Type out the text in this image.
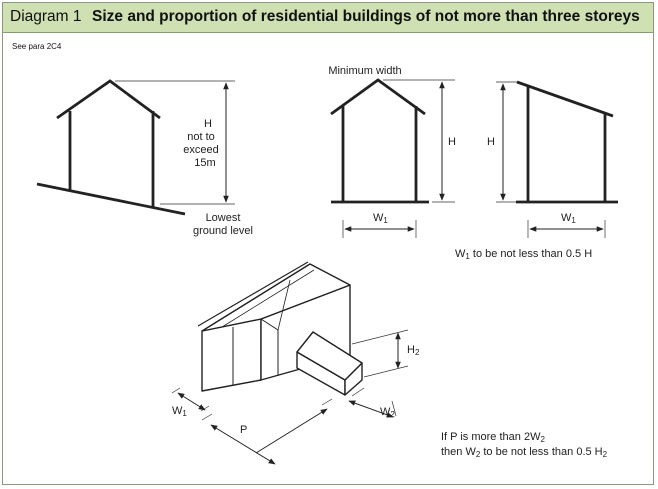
Diagram 1 Size and proportion of residential buildings of not more than three storeys
See para 2C4
H
not to
exceed
15m
Lowest
ground level
Minimum width
H
W1
H
W1
W1 to be not less than 0.5 H
W1
P
W2
H2
If P is more than 2W2
then W2 to be not less than 0.5 H2
